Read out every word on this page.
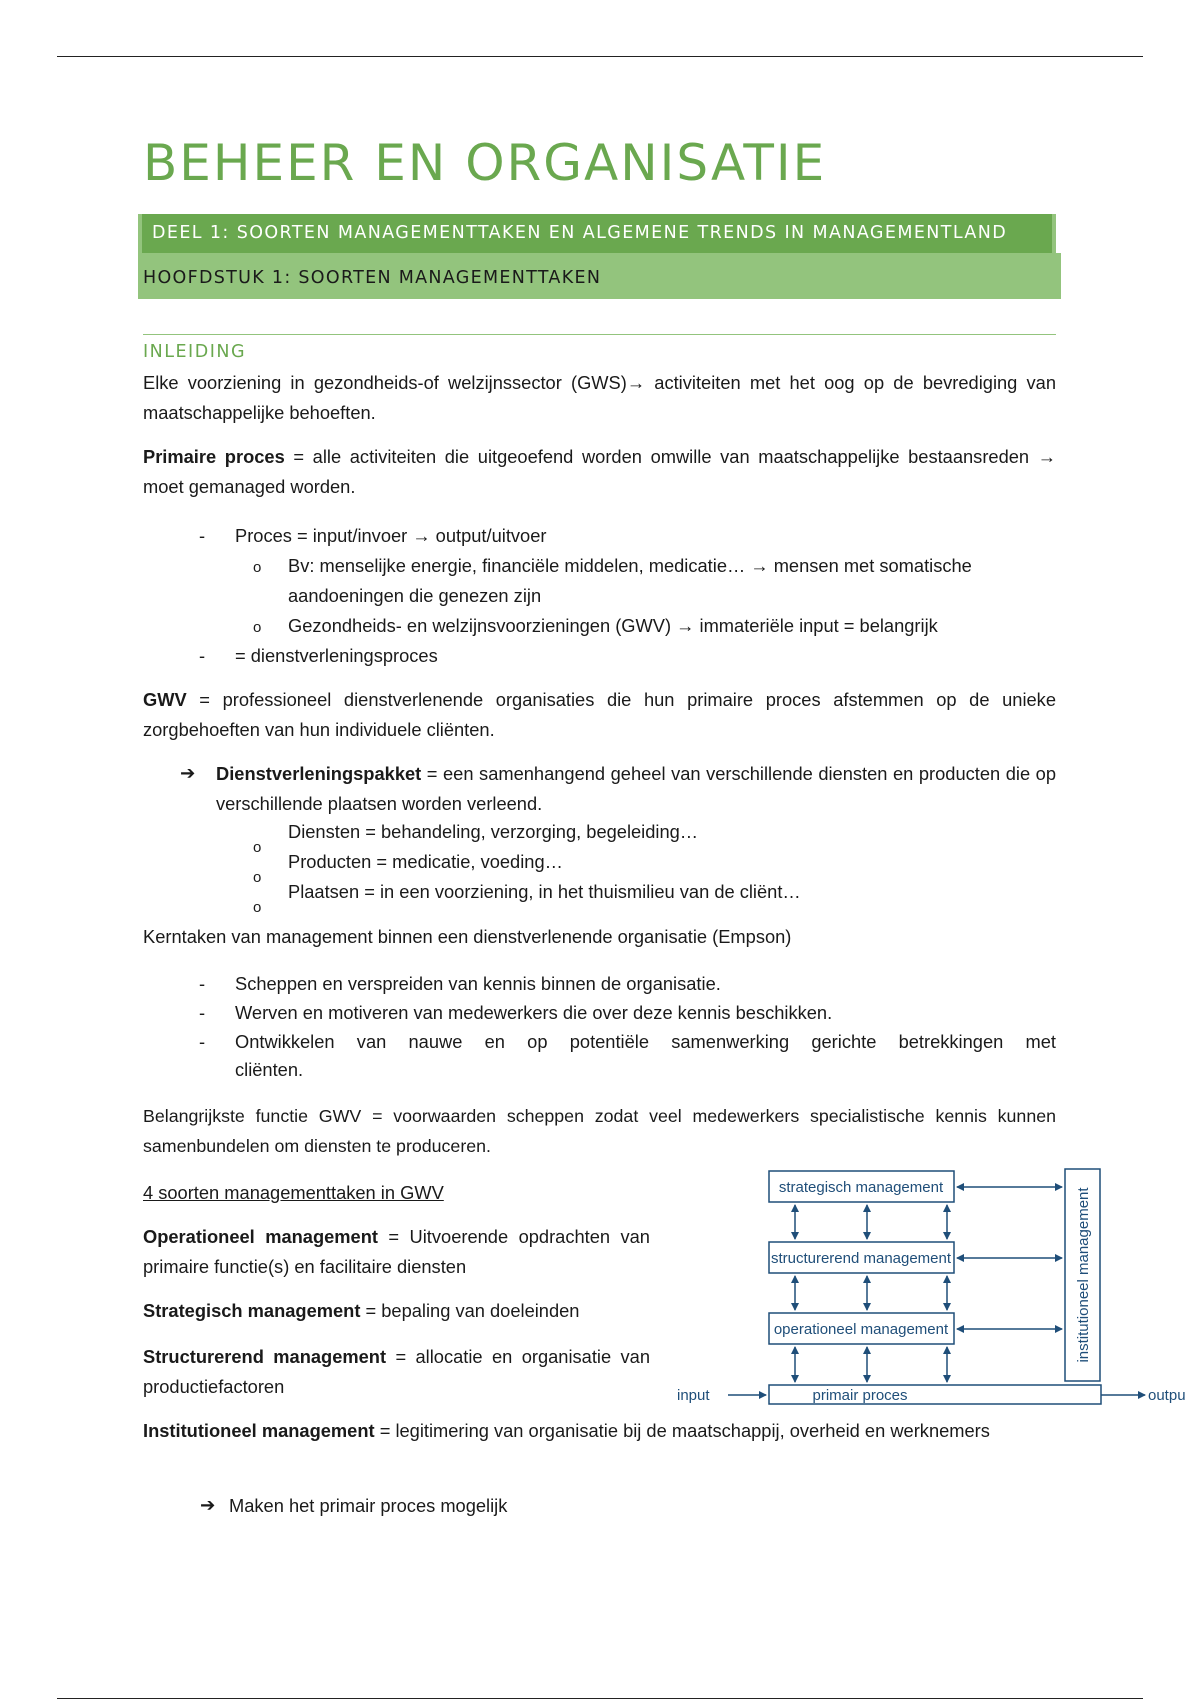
BEHEER EN ORGANISATIE
DEEL 1: SOORTEN MANAGEMENTTAKEN EN ALGEMENE TRENDS IN MANAGEMENTLAND
HOOFDSTUK 1: SOORTEN MANAGEMENTTAKEN
INLEIDING

Elke voorziening in gezondheids-of welzijnssector (GWS)→ activiteiten met het oog op de bevrediging van maatschappelijke behoeften.

Primaire proces = alle activiteiten die uitgeoefend worden omwille van maatschappelijke bestaansreden → moet gemanaged worden.

- Proces = input/invoer → output/uitvoer
o Bv: menselijke energie, financiële middelen, medicatie… → mensen met somatische
aandoeningen die genezen zijn
o Gezondheids- en welzijnsvoorzieningen (GWV) → immateriële input = belangrijk
- = dienstverleningsproces

GWV = professioneel dienstverlenende organisaties die hun primaire proces afstemmen op de unieke zorgbehoeften van hun individuele cliënten.

➔ Dienstverleningspakket = een samenhangend geheel van verschillende diensten en producten die op verschillende plaatsen worden verleend.

o
Diensten = behandeling, verzorging, begeleiding…
o
Producten = medicatie, voeding…
o
Plaatsen = in een voorziening, in het thuismilieu van de cliënt…
Kerntaken van management binnen een dienstverlenende organisatie (Empson)
- Scheppen en verspreiden van kennis binnen de organisatie.
- Werven en motiveren van medewerkers die over deze kennis beschikken.
- Ontwikkelen van nauwe en op potentiële samenwerking gerichte betrekkingen met
cliënten.

Belangrijkste functie GWV = voorwaarden scheppen zodat veel medewerkers specialistische kennis kunnen samenbundelen om diensten te produceren.

4 soorten managementtaken in GWV

Operationeel management = Uitvoerende opdrachten van primaire functie(s) en facilitaire diensten

Strategisch management = bepaling van doeleinden

Structurerend management = allocatie en organisatie van productiefactoren

Institutioneel management = legitimering van organisatie bij de maatschappij, overheid en werknemers

➔ Maken het primair proces mogelijk
strategisch management
structurerend management
operationeel management
primair proces
institutioneel management
input	outpu
